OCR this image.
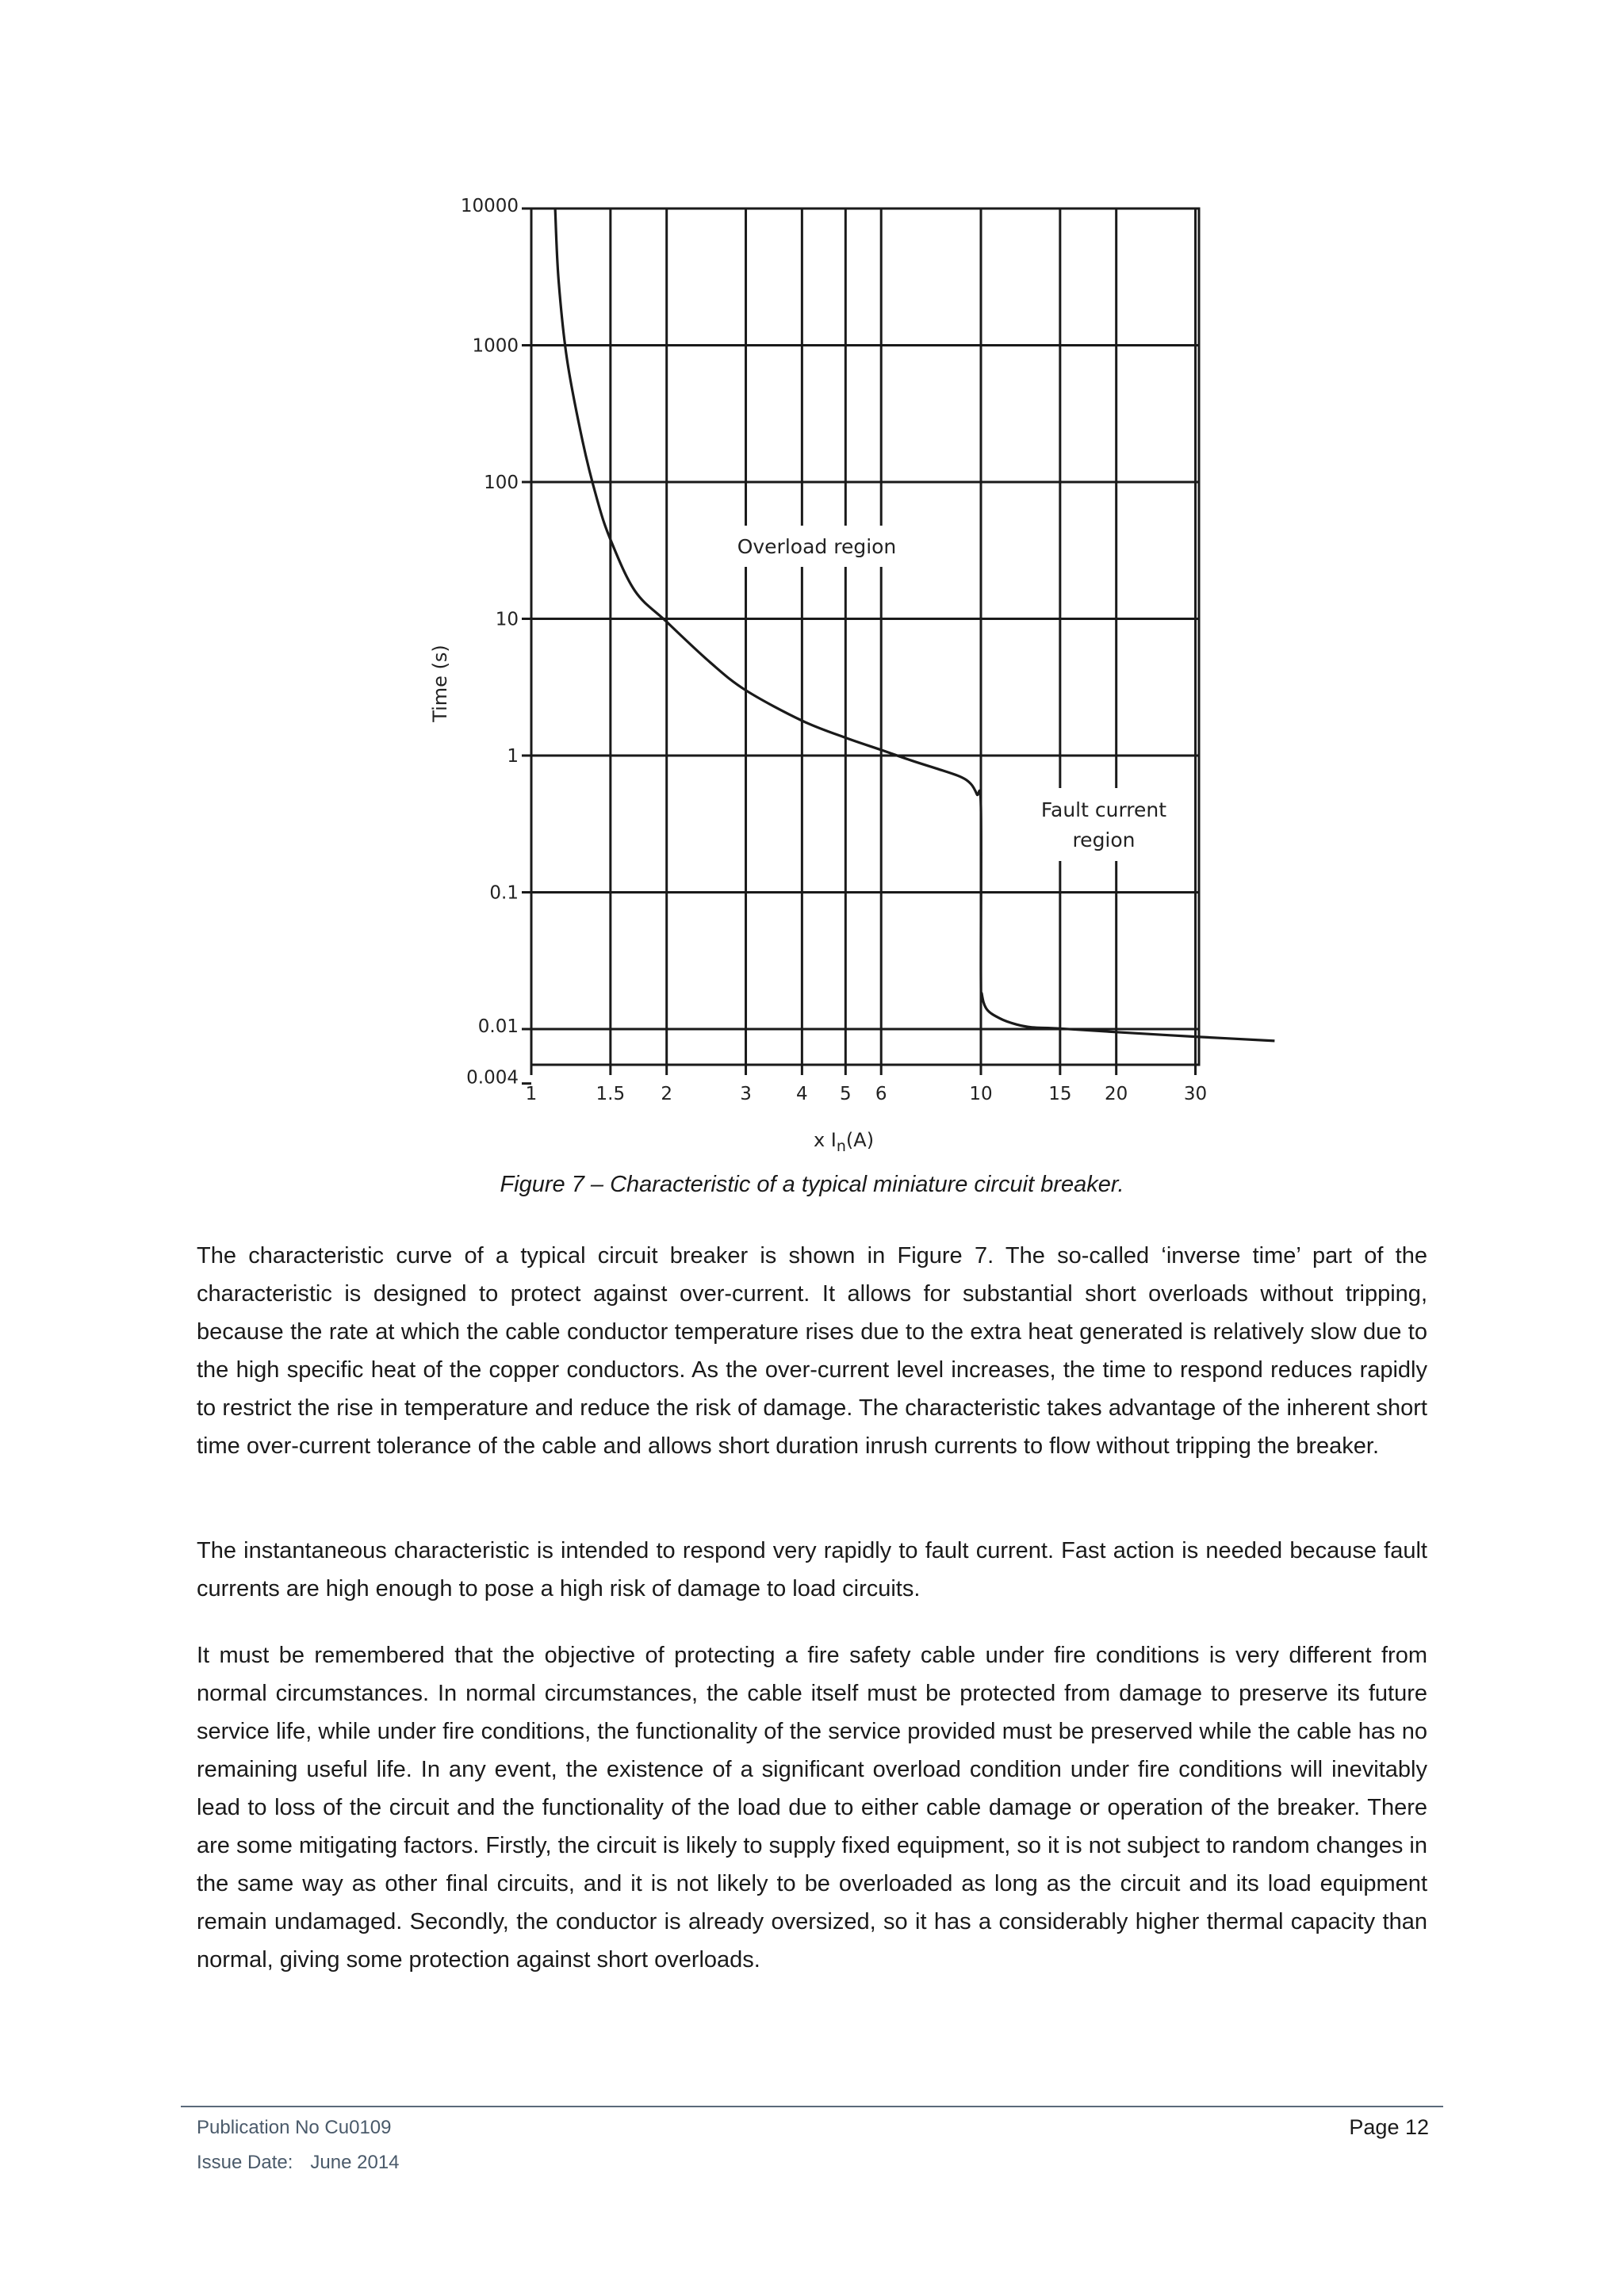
1	1.5 2	3 4 5 6	10	15 20	30
10000
1000
100
10
1
0.1
0.01
0.004
Overload region
Fault current
region
Time (s)
x $I_n(A)$
Figure 7 – Characteristic of a typical miniature circuit breaker.

The characteristic curve of a typical circuit breaker is shown in Figure 7. The so-called ‘inverse time’ part of the characteristic is designed to protect against over-current. It allows for substantial short overloads without tripping, because the rate at which the cable conductor temperature rises due to the extra heat generated is relatively slow due to the high specific heat of the copper conductors. As the over-current level increases, the time to respond reduces rapidly to restrict the rise in temperature and reduce the risk of damage. The characteristic takes advantage of the inherent short time over-current tolerance of the cable and allows short duration inrush currents to flow without tripping the breaker.

The instantaneous characteristic is intended to respond very rapidly to fault current. Fast action is needed because fault currents are high enough to pose a high risk of damage to load circuits.

It must be remembered that the objective of protecting a fire safety cable under fire conditions is very different from normal circumstances. In normal circumstances, the cable itself must be protected from damage to preserve its future service life, while under fire conditions, the functionality of the service provided must be preserved while the cable has no remaining useful life. In any event, the existence of a significant overload condition under fire conditions will inevitably lead to loss of the circuit and the functionality of the load due to either cable damage or operation of the breaker. There are some mitigating factors. Firstly, the circuit is likely to supply fixed equipment, so it is not subject to random changes in the same way as other final circuits, and it is not likely to be overloaded as long as the circuit and its load equipment remain undamaged. Secondly, the conductor is already oversized, so it has a considerably higher thermal capacity than normal, giving some protection against short overloads.

Publication No Cu0109
Issue Date: June 2014
Page 12
